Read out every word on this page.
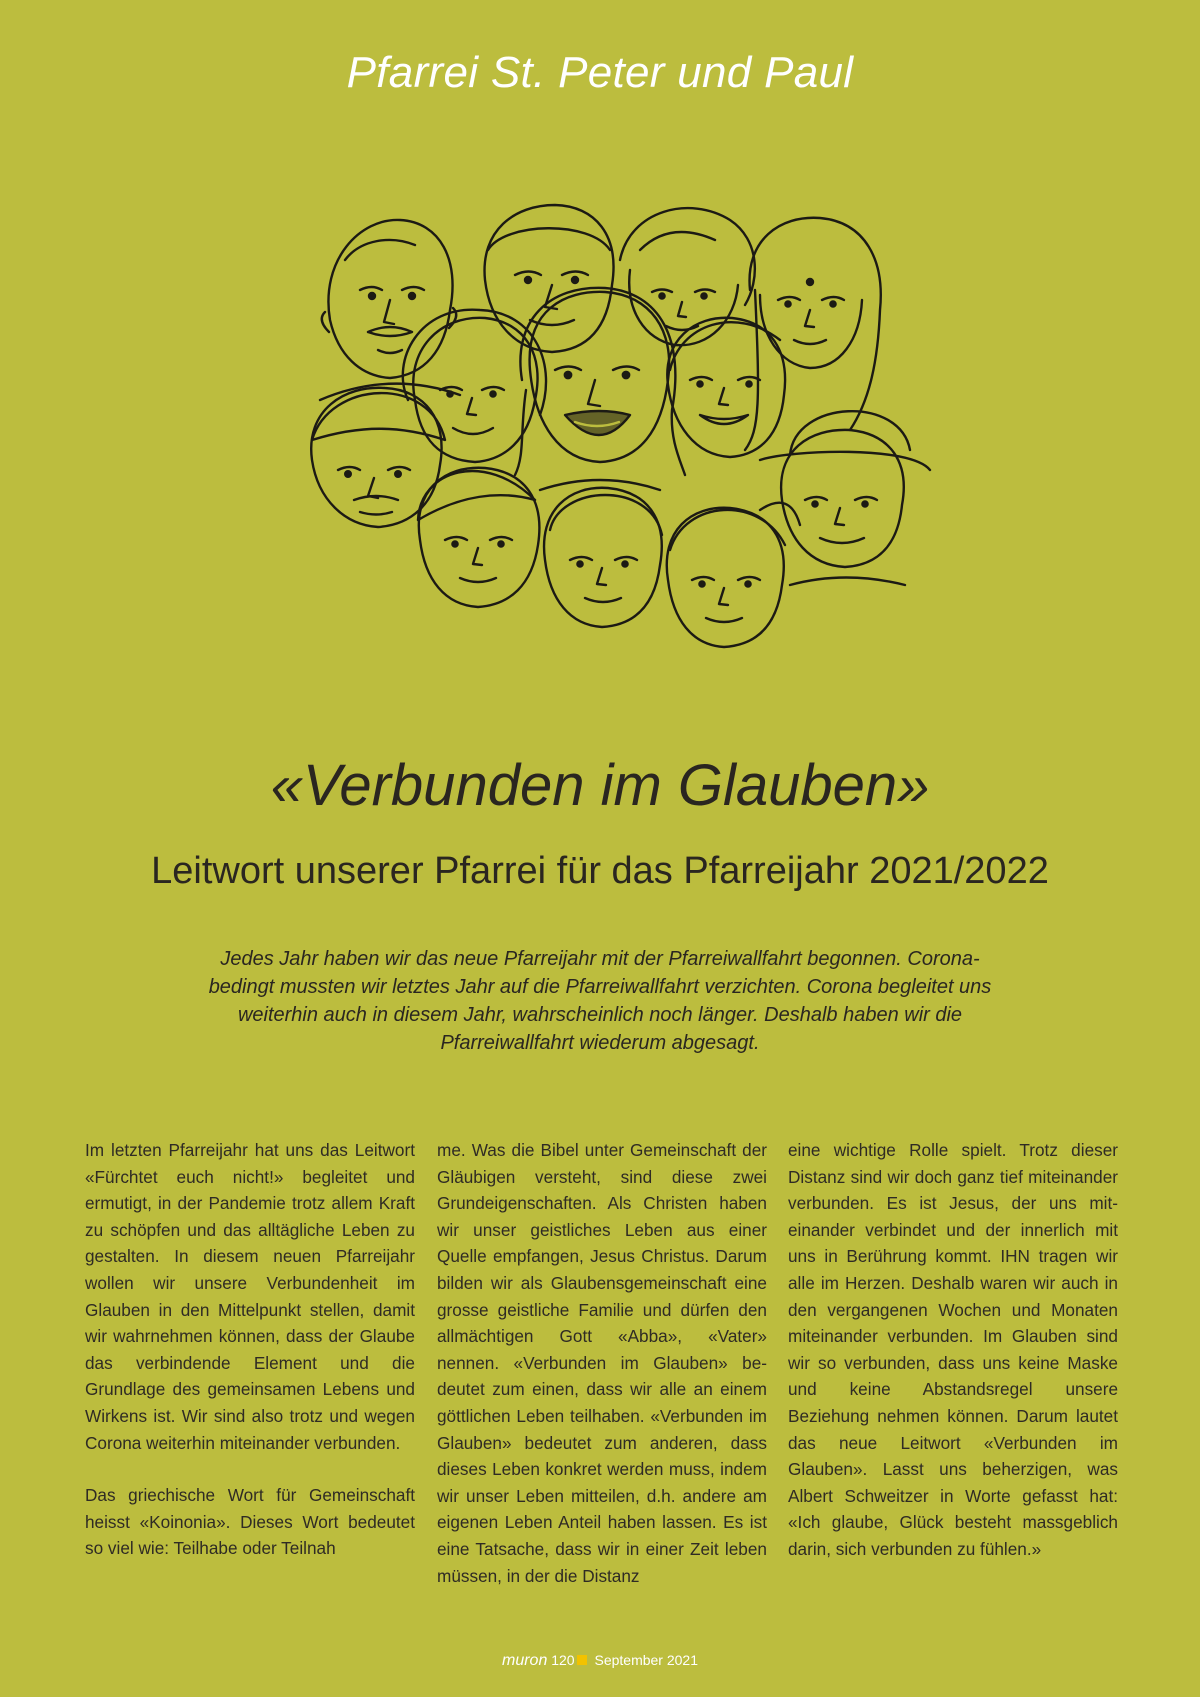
Pfarrei St. Peter und Paul
«Verbunden im Glauben»
Leitwort unserer Pfarrei für das Pfarreijahr 2021/2022
Jedes Jahr haben wir das neue Pfarreijahr mit der Pfarreiwallfahrt begonnen. Corona-bedingt mussten wir letztes Jahr auf die Pfarreiwallfahrt verzichten. Corona begleitet uns weiterhin auch in diesem Jahr, wahrscheinlich noch länger. Deshalb haben wir die Pfarreiwallfahrt wiederum abgesagt.

Im letzten Pfarreijahr hat uns das Leitwort «Fürchtet euch nicht!» begleitet und ermutigt, in der Pandemie trotz allem Kraft zu schöpfen und das alltägliche Leben zu gestalten. In diesem neuen Pfarreijahr wollen wir unsere Verbundenheit im Glauben in den Mittelpunkt stellen, damit wir wahrnehmen können, dass der Glaube das verbindende Element und die Grundlage des gemeinsamen Lebens und Wirkens ist. Wir sind also trotz und wegen Corona weiterhin miteinander verbunden.

Das griechische Wort für Gemeinschaft heisst «Koinonia». Dieses Wort bedeutet so viel wie: Teilhabe oder Teilnah

me. Was die Bibel unter Gemeinschaft der Gläubigen versteht, sind diese zwei Grundeigenschaften. Als Christen haben wir unser geistliches Leben aus einer Quelle empfangen, Jesus Christus. Darum bilden wir als Glaubensgemeinschaft eine grosse geistliche Familie und dürfen den allmächtigen Gott «Abba», «Vater» nennen. «Verbunden im Glauben» bedeutet zum einen, dass wir alle an einem göttlichen Leben teilhaben. «Verbunden im Glauben» bedeutet zum anderen, dass dieses Leben konkret werden muss, indem wir unser Leben mitteilen, d.h. andere am eigenen Leben Anteil haben lassen. Es ist eine Tatsache, dass wir in einer Zeit leben müssen, in der die Distanz

eine wichtige Rolle spielt. Trotz dieser Distanz sind wir doch ganz tief miteinander verbunden. Es ist Jesus, der uns miteinander verbindet und der innerlich mit uns in Berührung kommt. IHN tragen wir alle im Herzen. Deshalb waren wir auch in den vergangenen Wochen und Monaten miteinander verbunden. Im Glauben sind wir so verbunden, dass uns keine Maske und keine Abstandsregel unsere Beziehung nehmen können. Darum lautet das neue Leitwort «Verbunden im Glauben». Lasst uns beherzigen, was Albert Schweitzer in Worte gefasst hat: «Ich glaube, Glück besteht massgeblich darin, sich verbunden zu fühlen.»

muron 120 September 2021
